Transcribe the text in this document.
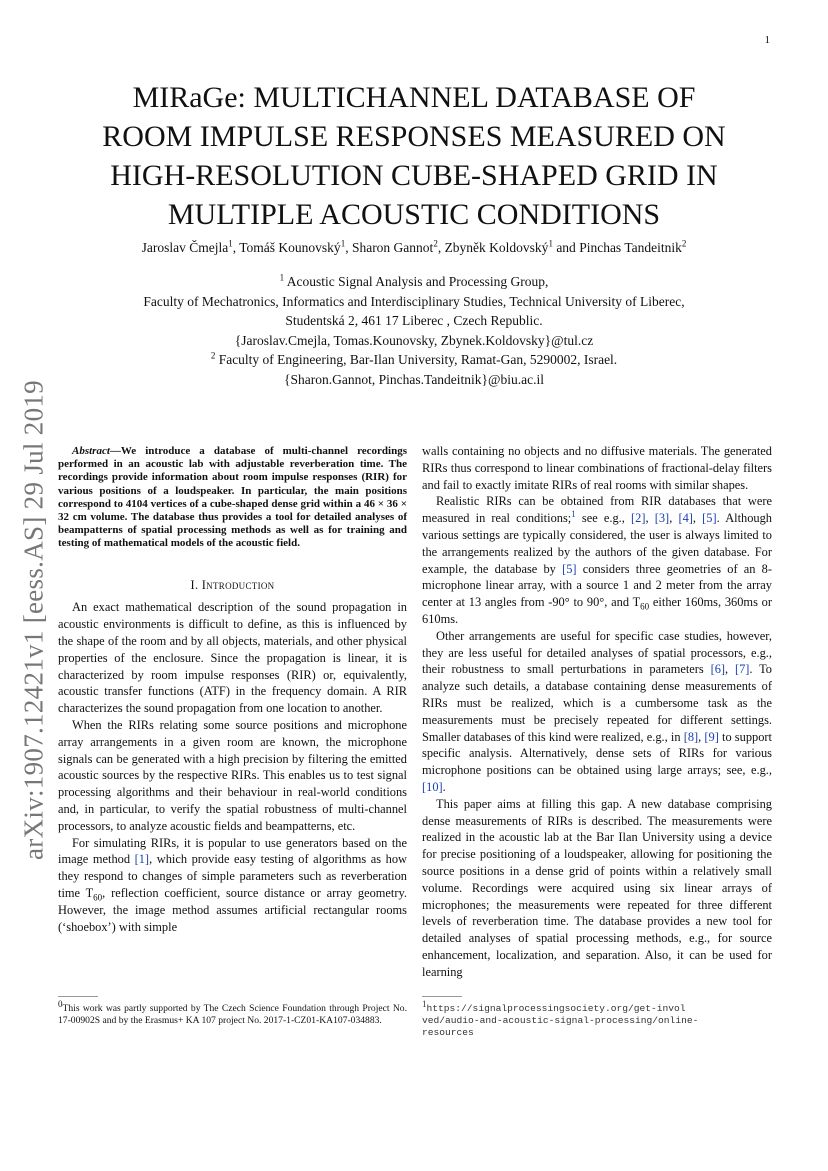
1
arXiv:1907.12421v1 [eess.AS] 29 Jul 2019
MIRaGe: MULTICHANNEL DATABASE OF
ROOM IMPULSE RESPONSES MEASURED ON
HIGH-RESOLUTION CUBE-SHAPED GRID IN
MULTIPLE ACOUSTIC CONDITIONS
Jaroslav Čmejla$^1$, Tomáš Kounovský$^1$, Sharon Gannot$^2$, Zbyněk Koldovský$^1$ and Pinchas Tandeitnik$^2$
$^1$ Acoustic Signal Analysis and Processing Group,
Faculty of Mechatronics, Informatics and Interdisciplinary Studies, Technical University of Liberec,
Studentská 2, 461 17 Liberec , Czech Republic.
{Jaroslav.Cmejla, Tomas.Kounovsky, Zbynek.Koldovsky}@tul.cz
$^2$ Faculty of Engineering, Bar-Ilan University, Ramat-Gan, 5290002, Israel.
{Sharon.Gannot, Pinchas.Tandeitnik}@biu.ac.il

Abstract—We introduce a database of multi-channel recordings performed in an acoustic lab with adjustable reverberation time. The recordings provide information about room impulse responses (RIR) for various positions of a loudspeaker. In particular, the main positions correspond to 4104 vertices of a cube-shaped dense grid within a 46 × 36 × 32 cm volume. The database thus provides a tool for detailed analyses of beampatterns of spatial processing methods as well as for training and testing of mathematical models of the acoustic field.

I. Introduction

An exact mathematical description of the sound propagation in acoustic environments is difficult to define, as this is influenced by the shape of the room and by all objects, materials, and other physical properties of the enclosure. Since the propagation is linear, it is characterized by room impulse responses (RIR) or, equivalently, acoustic transfer functions (ATF) in the frequency domain. A RIR characterizes the sound propagation from one location to another.

When the RIRs relating some source positions and microphone array arrangements in a given room are known, the microphone signals can be generated with a high precision by filtering the emitted acoustic sources by the respective RIRs. This enables us to test signal processing algorithms and their behaviour in real-world conditions and, in particular, to verify the spatial robustness of multi-channel processors, to analyze acoustic fields and beampatterns, etc.

For simulating RIRs, it is popular to use generators based on the image method [1], which provide easy testing of algorithms as how they respond to changes of simple parameters such as reverberation time $T_{60}$, reflection coefficient, source distance or array geometry. However, the image method assumes artificial rectangular rooms (‘shoebox’) with simple

walls containing no objects and no diffusive materials. The generated RIRs thus correspond to linear combinations of fractional-delay filters and fail to exactly imitate RIRs of real rooms with similar shapes.

Realistic RIRs can be obtained from RIR databases that were measured in real conditions;$^1$ see e.g., [2], [3], [4], [5]. Although various settings are typically considered, the user is always limited to the arrangements realized by the authors of the given database. For example, the database by [5] considers three geometries of an 8-microphone linear array, with a source 1 and 2 meter from the array center at 13 angles from -90° to 90°, and $T_{60}$ either 160ms, 360ms or 610ms.

Other arrangements are useful for specific case studies, however, they are less useful for detailed analyses of spatial processors, e.g., their robustness to small perturbations in parameters [6], [7]. To analyze such details, a database containing dense measurements of RIRs must be realized, which is a cumbersome task as the measurements must be precisely repeated for different settings. Smaller databases of this kind were realized, e.g., in [8], [9] to support specific analysis. Alternatively, dense sets of RIRs for various microphone positions can be obtained using large arrays; see, e.g., [10].

This paper aims at filling this gap. A new database comprising dense measurements of RIRs is described. The measurements were realized in the acoustic lab at the Bar Ilan University using a device for precise positioning of a loudspeaker, allowing for positioning the source positions in a dense grid of points within a relatively small volume. Recordings were acquired using six linear arrays of microphones; the measurements were repeated for three different levels of reverberation time. The database provides a new tool for detailed analyses of spatial processing methods, e.g., for source enhancement, localization, and separation. Also, it can be used for learning

$^0$This work was partly supported by The Czech Science Foundation through Project No. 17-00902S and by the Erasmus+ KA 107 project No. 2017-1-CZ01-KA107-034883.
$^1$https://signalprocessingsociety.org/get-invol
ved/audio-and-acoustic-signal-processing/online-
resources
